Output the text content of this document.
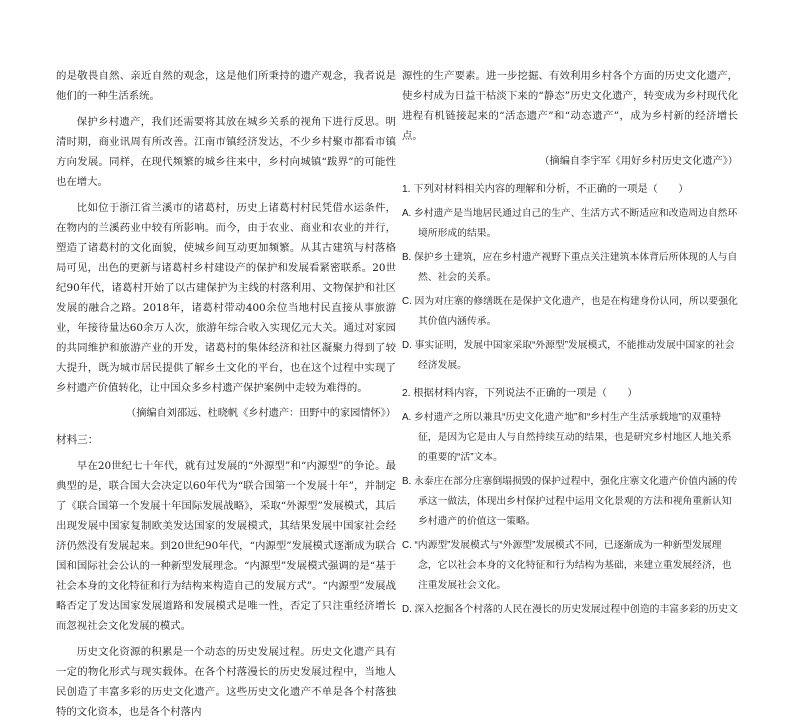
的是敬畏自然、亲近自然的观念，这是他们所秉持的遗产观念，我者说是他们的一种生活系统。

保护乡村遗产，我们还需要将其放在城乡关系的视角下进行反思。明清时期，商业讯周有所改善。江南市镇经济发达，不少乡村聚市都看市镇方向发展。同样，在现代频繁的城乡往来中，乡村向城镇“跋界”的可能性也在增大。

比如位于浙江省兰溪市的诸葛村，历史上诸葛村村民凭借水运条件，在物内的兰溪药业中较有所影响。而今，由于农业、商业和农业的并行，塑造了诸葛村的文化面貌，使城乡间互动更加频繁。从其古建筑与村落格局可见，出色的更新与诸葛村乡村建设产的保护和发展看紧密联系。20世纪90年代，诸葛村开始了以古建保护为主线的村落利用、文物保护和社区发展的融合之路。2018年，诸葛村带动400余位当地村民直接从事旅游业，年接待量达60余万人次，旅游年综合收入实现亿元大关。通过对家园的共同维护和旅游产业的开发，诸葛村的集体经济和社区凝聚力得到了较大提升，既为城市居民提供了解乡土文化的平台，也在这个过程中实现了乡村遗产价值转化，让中国众多乡村遗产保护案例中走较为难得的。

（摘编自刘邵远、杜晓帆《乡村遗产：田野中的家园情怀》）

材料三：

早在20世纪七十年代，就有过发展的“外源型”和“内源型”的争论。最典型的是，联合国大会决定以60年代为“联合国第一个发展十年”，并制定了《联合国第一个发展十年国际发展战略》，采取“外源型”发展模式，其后出现发展中国家复制欧美发达国家的发展模式，其结果发展中国家社会经济仍然没有发展起来。到20世纪90年代，“内源型”发展模式逐渐成为联合国和国际社会公认的一种新型发展理念。“内源型”发展模式强调的是“基于社会本身的文化特征和行为结构来构造自己的发展方式”。“内源型”发展战略否定了发达国家发展道路和发展模式是唯一性，否定了只注重经济增长而忽视社会文化发展的模式。

历史文化资源的积累是一个动态的历史发展过程。历史文化遗产具有一定的物化形式与现实载体。在各个村落漫长的历史发展过程中，当地人民创造了丰富多彩的历史文化遗产。这些历史文化遗产不单是各个村落独特的文化资本，也是各个村落内

源性的生产要素。进一步挖掘、有效利用乡村各个方面的历史文化遗产，使乡村成为日益干枯淡下来的“静态”历史文化遗产，转变成为乡村现代化进程有机链接起来的“活态遗产”和“动态遗产”，成为乡村新的经济增长点。

（摘编自李宇军《用好乡村历史文化遗产》）

1. 下列对材料相关内容的理解和分析，不正确的一项是（　　）

A. 乡村遗产是当地居民通过自己的生产、生活方式不断适应和改造周边自然环境所形成的结果。

B. 保护乡土建筑，应在乡村遗产视野下重点关注建筑本体背后所体现的人与自然、社会的关系。

C. 因为对庄寨的修缮既在是保护文化遗产，也是在构建身份认同，所以要强化其价值内涵传承。

D. 事实证明，发展中国家采取“外源型”发展模式，不能推动发展中国家的社会经济发展。

2. 根据材料内容，下列说法不正确的一项是（　　）

A. 乡村遗产之所以兼具“历史文化遗产地”和“乡村生产生活承载地”的双重特征，是因为它是由人与自然持续互动的结果，也是研究乡村地区人地关系的重要的“活”文本。

B. 永泰庄在部分庄寨倒塌损毁的保护过程中，强化庄寨文化遗产价值内涵的传承这一做法，体现出乡村保护过程中运用文化景观的方法和视角重新认知乡村遗产的价值这一策略。

C. “内源型”发展模式与“外源型”发展模式不同，已逐渐成为一种新型发展理念，它以社会本身的文化特征和行为结构为基础，来建立重发展经济，也注重发展社会文化。

D. 深入挖掘各个村落的人民在漫长的历史发展过程中创造的丰富多彩的历史文
